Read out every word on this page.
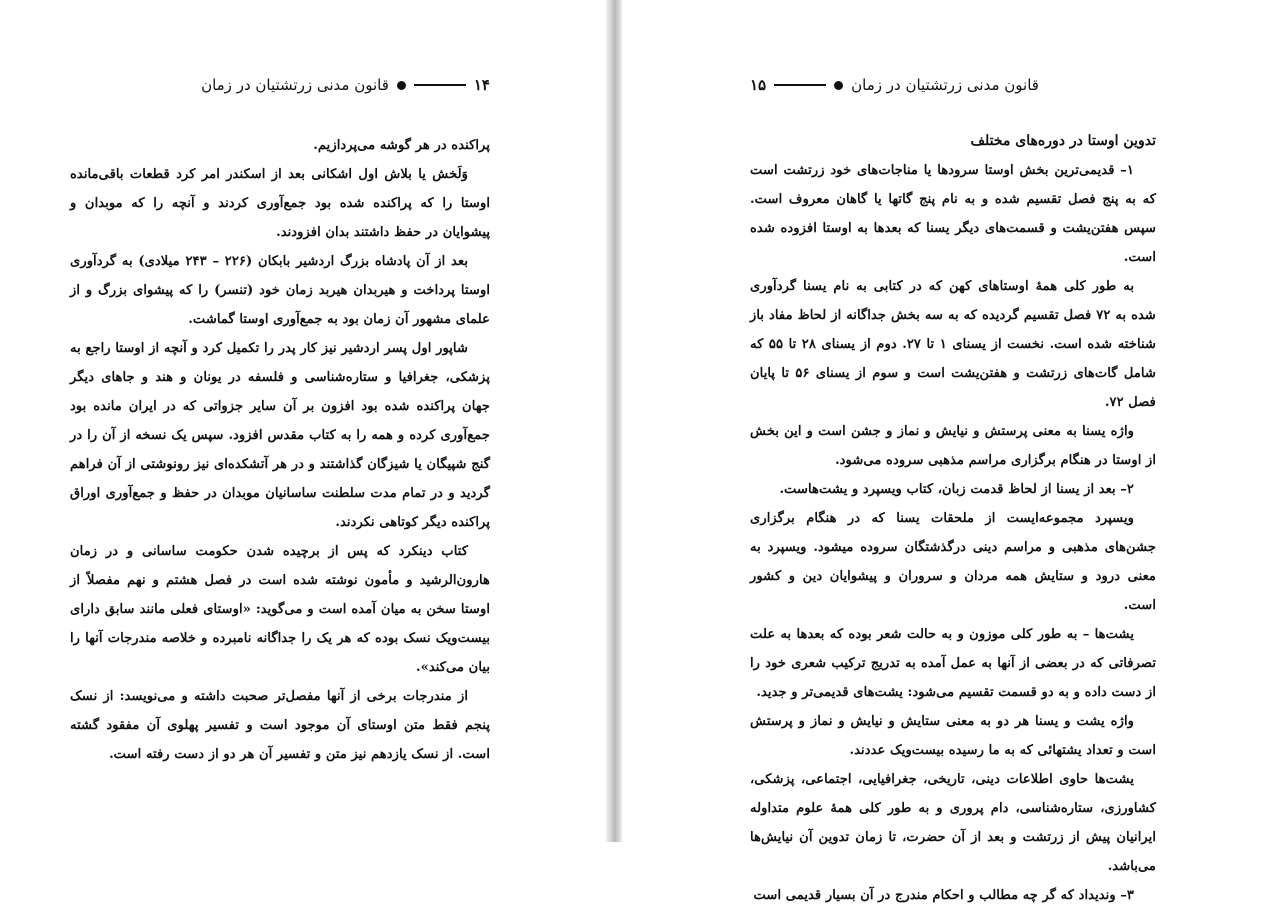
۱۴
قانون مدنی زرتشتیان در زمان

پراکنده در هر گوشه می‌پردازیم.

وَلَخش یا بلاش اول اشکانی بعد از اسکندر امر کرد قطعات باقی‌مانده اوستا را که پراکنده شده بود جمع‌آوری کردند و آنچه را که موبدان و پیشوایان در حفظ داشتند بدان افزودند.

بعد از آن پادشاه بزرگ اردشیر بابکان (۲۲۶ – ۲۴۳ میلادی) به گردآوری اوستا پرداخت و هیربدان هیربد زمان خود (تنسر) را که پیشوای بزرگ و از علمای مشهور آن زمان بود به جمع‌آوری اوستا گماشت.

شاپور اول پسر اردشیر نیز کار پدر را تکمیل کرد و آنچه از اوستا راجع به پزشکی، جغرافیا و ستاره‌شناسی و فلسفه در یونان و هند و جاهای دیگر جهان پراکنده شده بود افزون بر آن سایر جزواتی که در ایران مانده بود جمع‌آوری کرده و همه را به کتاب مقدس افزود. سپس یک نسخه از آن را در گنج شپیگان یا شیزگان گذاشتند و در هر آتشکده‌ای نیز رونوشتی از آن فراهم گردید و در تمام مدت سلطنت ساسانیان موبدان در حفظ و جمع‌آوری اوراق پراکنده دیگر کوتاهی نکردند.

کتاب دینکرد که پس از برچیده شدن حکومت ساسانی و در زمان هارون‌الرشید و مأمون نوشته شده است در فصل هشتم و نهم مفصلاً از اوستا سخن به میان آمده است و می‌گوید: «اوستای فعلی مانند سابق دارای بیست‌ویک نسک بوده که هر یک را جداگانه نامبرده و خلاصه مندرجات آنها را بیان می‌کند».

از مندرجات برخی از آنها مفصل‌تر صحبت داشته و می‌نویسد: از نسک پنجم فقط متن اوستای آن موجود است و تفسیر پهلوی آن مفقود گشته است. از نسک یازدهم نیز متن و تفسیر آن هر دو از دست رفته است.

۱۵	قانون مدنی زرتشتیان در زمان
تدوین اوستا در دوره‌های مختلف

۱– قدیمی‌ترین بخش اوستا سرودها یا مناجات‌های خود زرتشت است که به پنج فصل تقسیم شده و به نام پنج گاتها یا گاهان معروف است. سپس هفتن‌یشت و قسمت‌های دیگر یسنا که بعدها به اوستا افزوده شده است.

به طور کلی همهٔ اوستاهای کهن که در کتابی به نام یسنا گردآوری شده به ۷۲ فصل تقسیم گردیده که به سه بخش جداگانه از لحاظ مفاد باز شناخته شده است. نخست از یسنای ۱ تا ۲۷. دوم از یسنای ۲۸ تا ۵۵ که شامل گات‌های زرتشت و هفتن‌یشت است و سوم از یسنای ۵۶ تا پایان فصل ۷۲.

واژه یسنا به معنی پرستش و نیایش و نماز و جشن است و این بخش از اوستا در هنگام برگزاری مراسم مذهبی سروده می‌شود.

۲– بعد از یسنا از لحاظ قدمت زبان، کتاب ویسپرد و یشت‌هاست.

ویسپرد مجموعه‌ایست از ملحقات یسنا که در هنگام برگزاری جشن‌های مذهبی و مراسم دینی درگذشتگان سروده میشود. ویسپرد به معنی درود و ستایش همه مردان و سروران و پیشوایان دین و کشور است.

یشت‌ها – به طور کلی موزون و به حالت شعر بوده که بعدها به علت تصرفاتی که در بعضی از آنها به عمل آمده به تدریج ترکیب شعری خود را از دست داده و به دو قسمت تقسیم می‌شود: یشت‌های قدیمی‌تر و جدید.

واژه یشت و یسنا هر دو به معنی ستایش و نیایش و نماز و پرستش است و تعداد یشتهائی که به ما رسیده بیست‌ویک عددند.

یشت‌ها حاوی اطلاعات دینی، تاریخی، جغرافیایی، اجتماعی، پزشکی، کشاورزی، ستاره‌شناسی، دام پروری و به طور کلی همهٔ علوم متداوله ایرانیان پیش از زرتشت و بعد از آن حضرت، تا زمان تدوین آن نیایش‌ها می‌باشد.

۳– وندیداد که گر چه مطالب و احکام مندرج در آن بسیار قدیمی است
